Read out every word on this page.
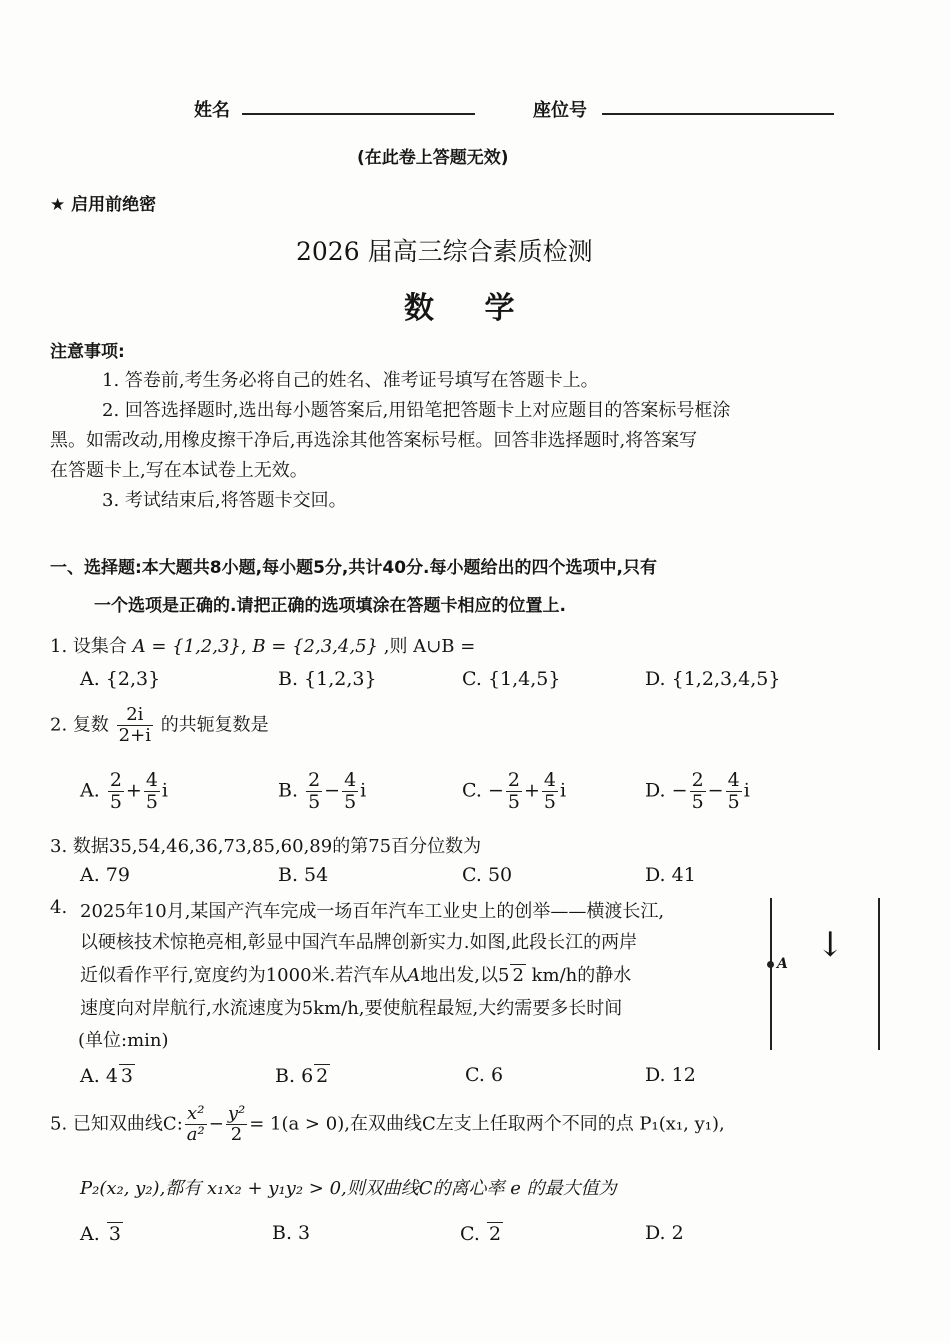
姓名	座位号
(在此卷上答题无效)
★ 启用前绝密
2026 届高三综合素质检测
数 学
注意事项:
1. 答卷前,考生务必将自己的姓名、准考证号填写在答题卡上。
2. 回答选择题时,选出每小题答案后,用铅笔把答题卡上对应题目的答案标号框涂
黑。如需改动,用橡皮擦干净后,再选涂其他答案标号框。回答非选择题时,将答案写
在答题卡上,写在本试卷上无效。
3. 考试结束后,将答题卡交回。
一、选择题:本大题共8小题,每小题5分,共计40分.每小题给出的四个选项中,只有
一个选项是正确的.请把正确的选项填涂在答题卡相应的位置上.
1. 设集合 A = {1,2,3}, B = {2,3,4,5} ,则 A∪B =
A. {2,3}	B. {1,2,3}	C. {1,4,5}	D. {1,2,3,4,5}
2. 复数 $\frac{2i}{2+i}$ 的共轭复数是
A. $\frac{2}{5} + \frac{4}{5}$ i	B. $\frac{2}{5} - \frac{4}{5}$ i	C. − $\frac{2}{5} + \frac{4}{5}$ i	D. − $\frac{2}{5} - \frac{4}{5}$ i
3. 数据35,54,46,36,73,85,60,89的第75百分位数为
A. 79	B. 54	C. 50	D. 41
4. 2025年10月,某国产汽车完成一场百年汽车工业史上的创举——横渡长江,
以硬核技术惊艳亮相,彰显中国汽车品牌创新实力.如图,此段长江的两岸
近似看作平行,宽度约为1000米.若汽车从A地出发,以5 2 km/h的静水
速度向对岸航行,水流速度为5km/h,要使航程最短,大约需要多长时间
(单位:min)
A ↓
A. 4 3	B. 6 2	C. 6	D. 12
5. 已知双曲线C: $\frac{\text{x²}}{\text{a²}} - \frac{\text{y²}}{2} = 1(a > 0)$,在双曲线C左支上任取两个不同的点 P₁(x₁, y₁),
P₂(x₂, y₂),都有 x₁x₂ + y₁y₂ > 0,则双曲线C的离心率 e 的最大值为
A. 3	B. 3	C. 2	D. 2
